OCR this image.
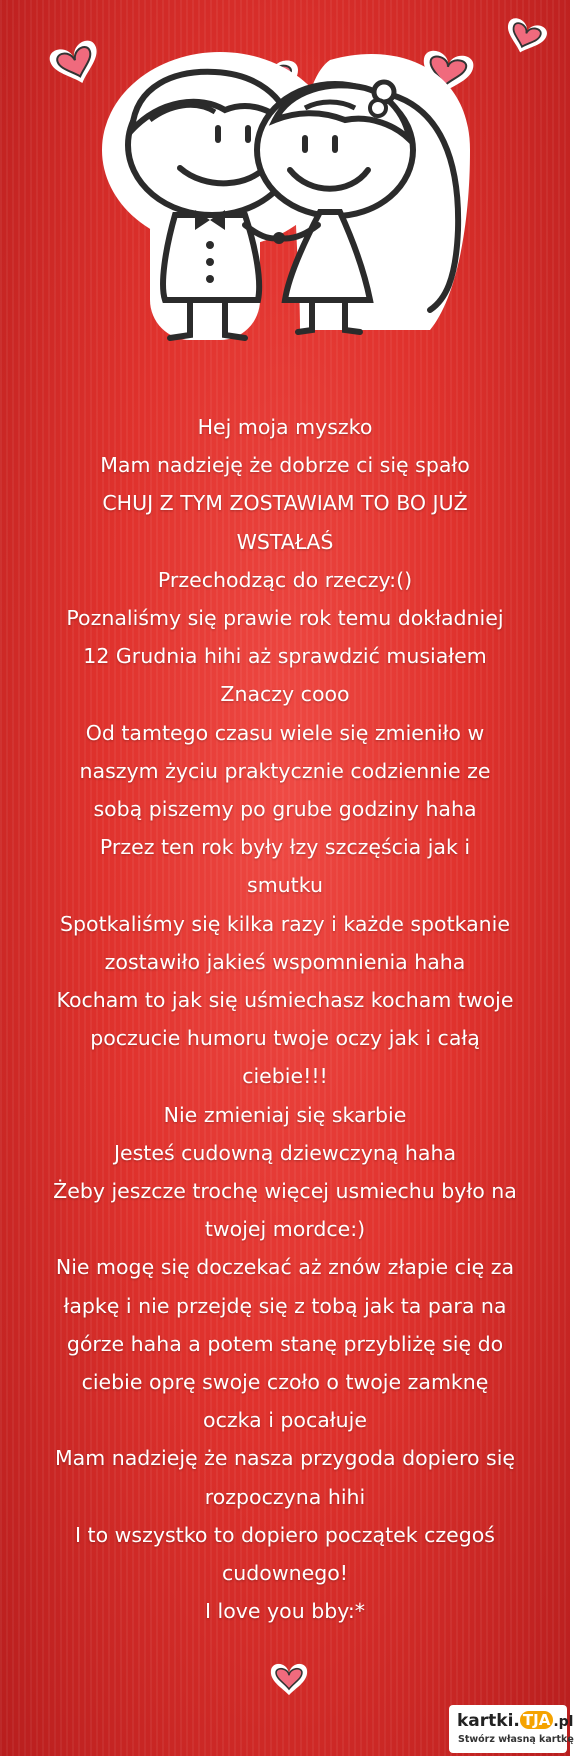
Hej moja myszko
Mam nadzieję że dobrze ci się spało
CHUJ Z TYM ZOSTAWIAM TO BO JUŻ
WSTAŁAŚ
Przechodząc do rzeczy:()
Poznaliśmy się prawie rok temu dokładniej
12 Grudnia hihi aż sprawdzić musiałem
Znaczy cooo
Od tamtego czasu wiele się zmieniło w
naszym życiu praktycznie codziennie ze
sobą piszemy po grube godziny haha
Przez ten rok były łzy szczęścia jak i
smutku
Spotkaliśmy się kilka razy i każde spotkanie
zostawiło jakieś wspomnienia haha
Kocham to jak się uśmiechasz kocham twoje
poczucie humoru twoje oczy jak i całą
ciebie!!!
Nie zmieniaj się skarbie
Jesteś cudowną dziewczyną haha
Żeby jeszcze trochę więcej usmiechu było na
twojej mordce:)
Nie mogę się doczekać aż znów złapie cię za
łapkę i nie przejdę się z tobą jak ta para na
górze haha a potem stanę przybliżę się do
ciebie oprę swoje czoło o twoje zamknę
oczka i pocałuje
Mam nadzieję że nasza przygoda dopiero się
rozpoczyna hihi
I to wszystko to dopiero początek czegoś
cudownego!
I love you bby:*
kartki. TJA .pl
Stwórz własną kartkę
